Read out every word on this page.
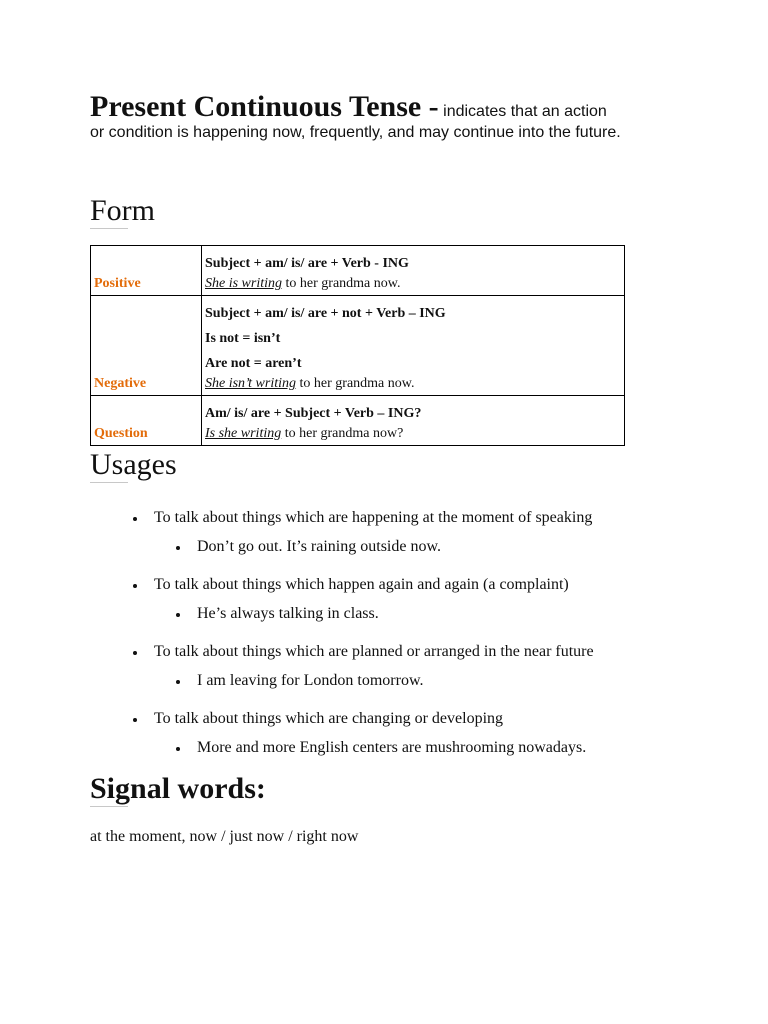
Present Continuous Tense - indicates that an action
or condition is happening now, frequently, and may continue into the future.
Form
Positive	Subject + am/ is/ are + Verb - ING
She is writing to her grandma now.

Negative	Subject + am/ is/ are + not + Verb – ING
Is not = isn’t
Are not = aren’t
She isn’t writing to her grandma now.

Question	Am/ is/ are + Subject + Verb – ING?
Is she writing to her grandma now?
Usages
To talk about things which are happening at the moment of speaking
Don’t go out. It’s raining outside now.
To talk about things which happen again and again (a complaint)
He’s always talking in class.
To talk about things which are planned or arranged in the near future
I am leaving for London tomorrow.
To talk about things which are changing or developing
More and more English centers are mushrooming nowadays.
Signal words:
at the moment, now / just now / right now
